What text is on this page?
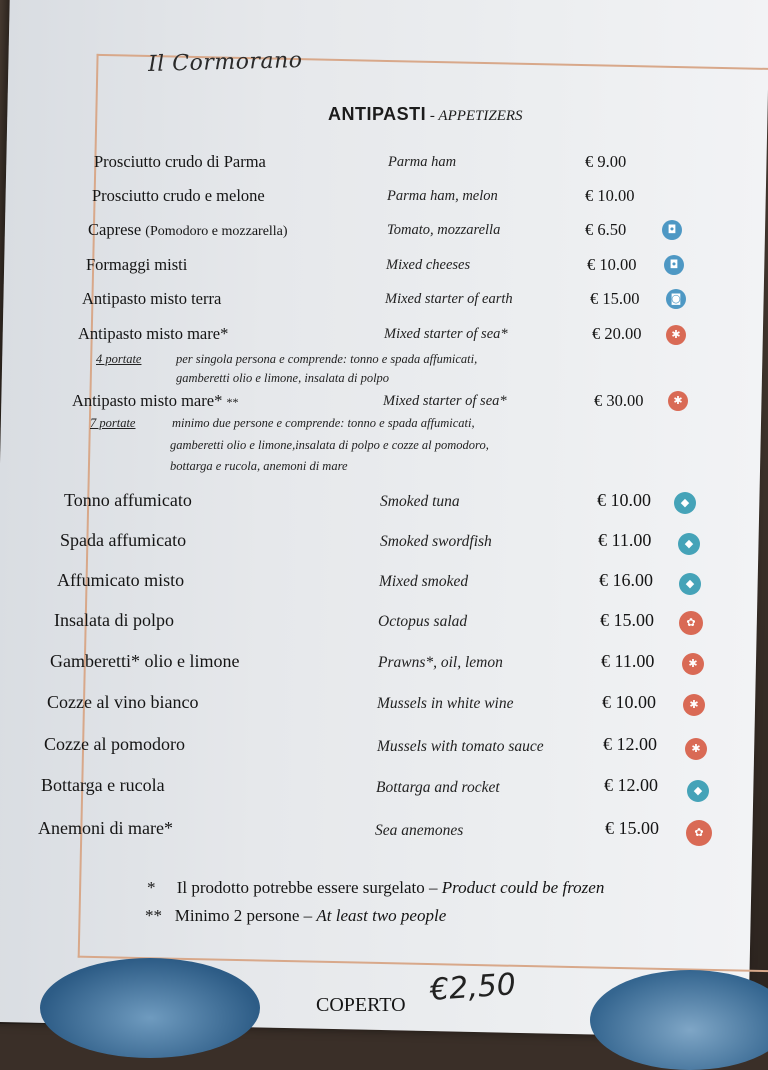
Il Cormorano
ANTIPASTI - APPETIZERS
Prosciutto crudo di Parma	Parma ham	€ 9.00
Prosciutto crudo e melone	Parma ham, melon	€ 10.00
Caprese (Pomodoro e mozzarella)	Tomato, mozzarella	€ 6.50	◘
Formaggi misti	Mixed cheeses	€ 10.00	◘
Antipasto misto terra	Mixed starter of earth	€ 15.00	◙
Antipasto misto mare*	Mixed starter of sea*	€ 20.00	✱
4 portate	per singola persona e comprende: tonno e spada affumicati,
gamberetti olio e limone, insalata di polpo
Antipasto misto mare* **	Mixed starter of sea*	€ 30.00	✱
7 portate	minimo due persone e comprende: tonno e spada affumicati,
gamberetti olio e limone,insalata di polpo e cozze al pomodoro,
bottarga e rucola, anemoni di mare
Tonno affumicato	Smoked tuna	€ 10.00	◆
Spada affumicato	Smoked swordfish	€ 11.00	◆
Affumicato misto	Mixed smoked	€ 16.00	◆
Insalata di polpo	Octopus salad	€ 15.00	✿
Gamberetti* olio e limone	Prawns*, oil, lemon	€ 11.00	✱
Cozze al vino bianco	Mussels in white wine	€ 10.00	✱
Cozze al pomodoro	Mussels with tomato sauce	€ 12.00	✱
Bottarga e rucola	Bottarga and rocket	€ 12.00	◆
Anemoni di mare*	Sea anemones	€ 15.00	✿
* Il prodotto potrebbe essere surgelato – Product could be frozen
** Minimo 2 persone – At least two people
COPERTO €2,50
